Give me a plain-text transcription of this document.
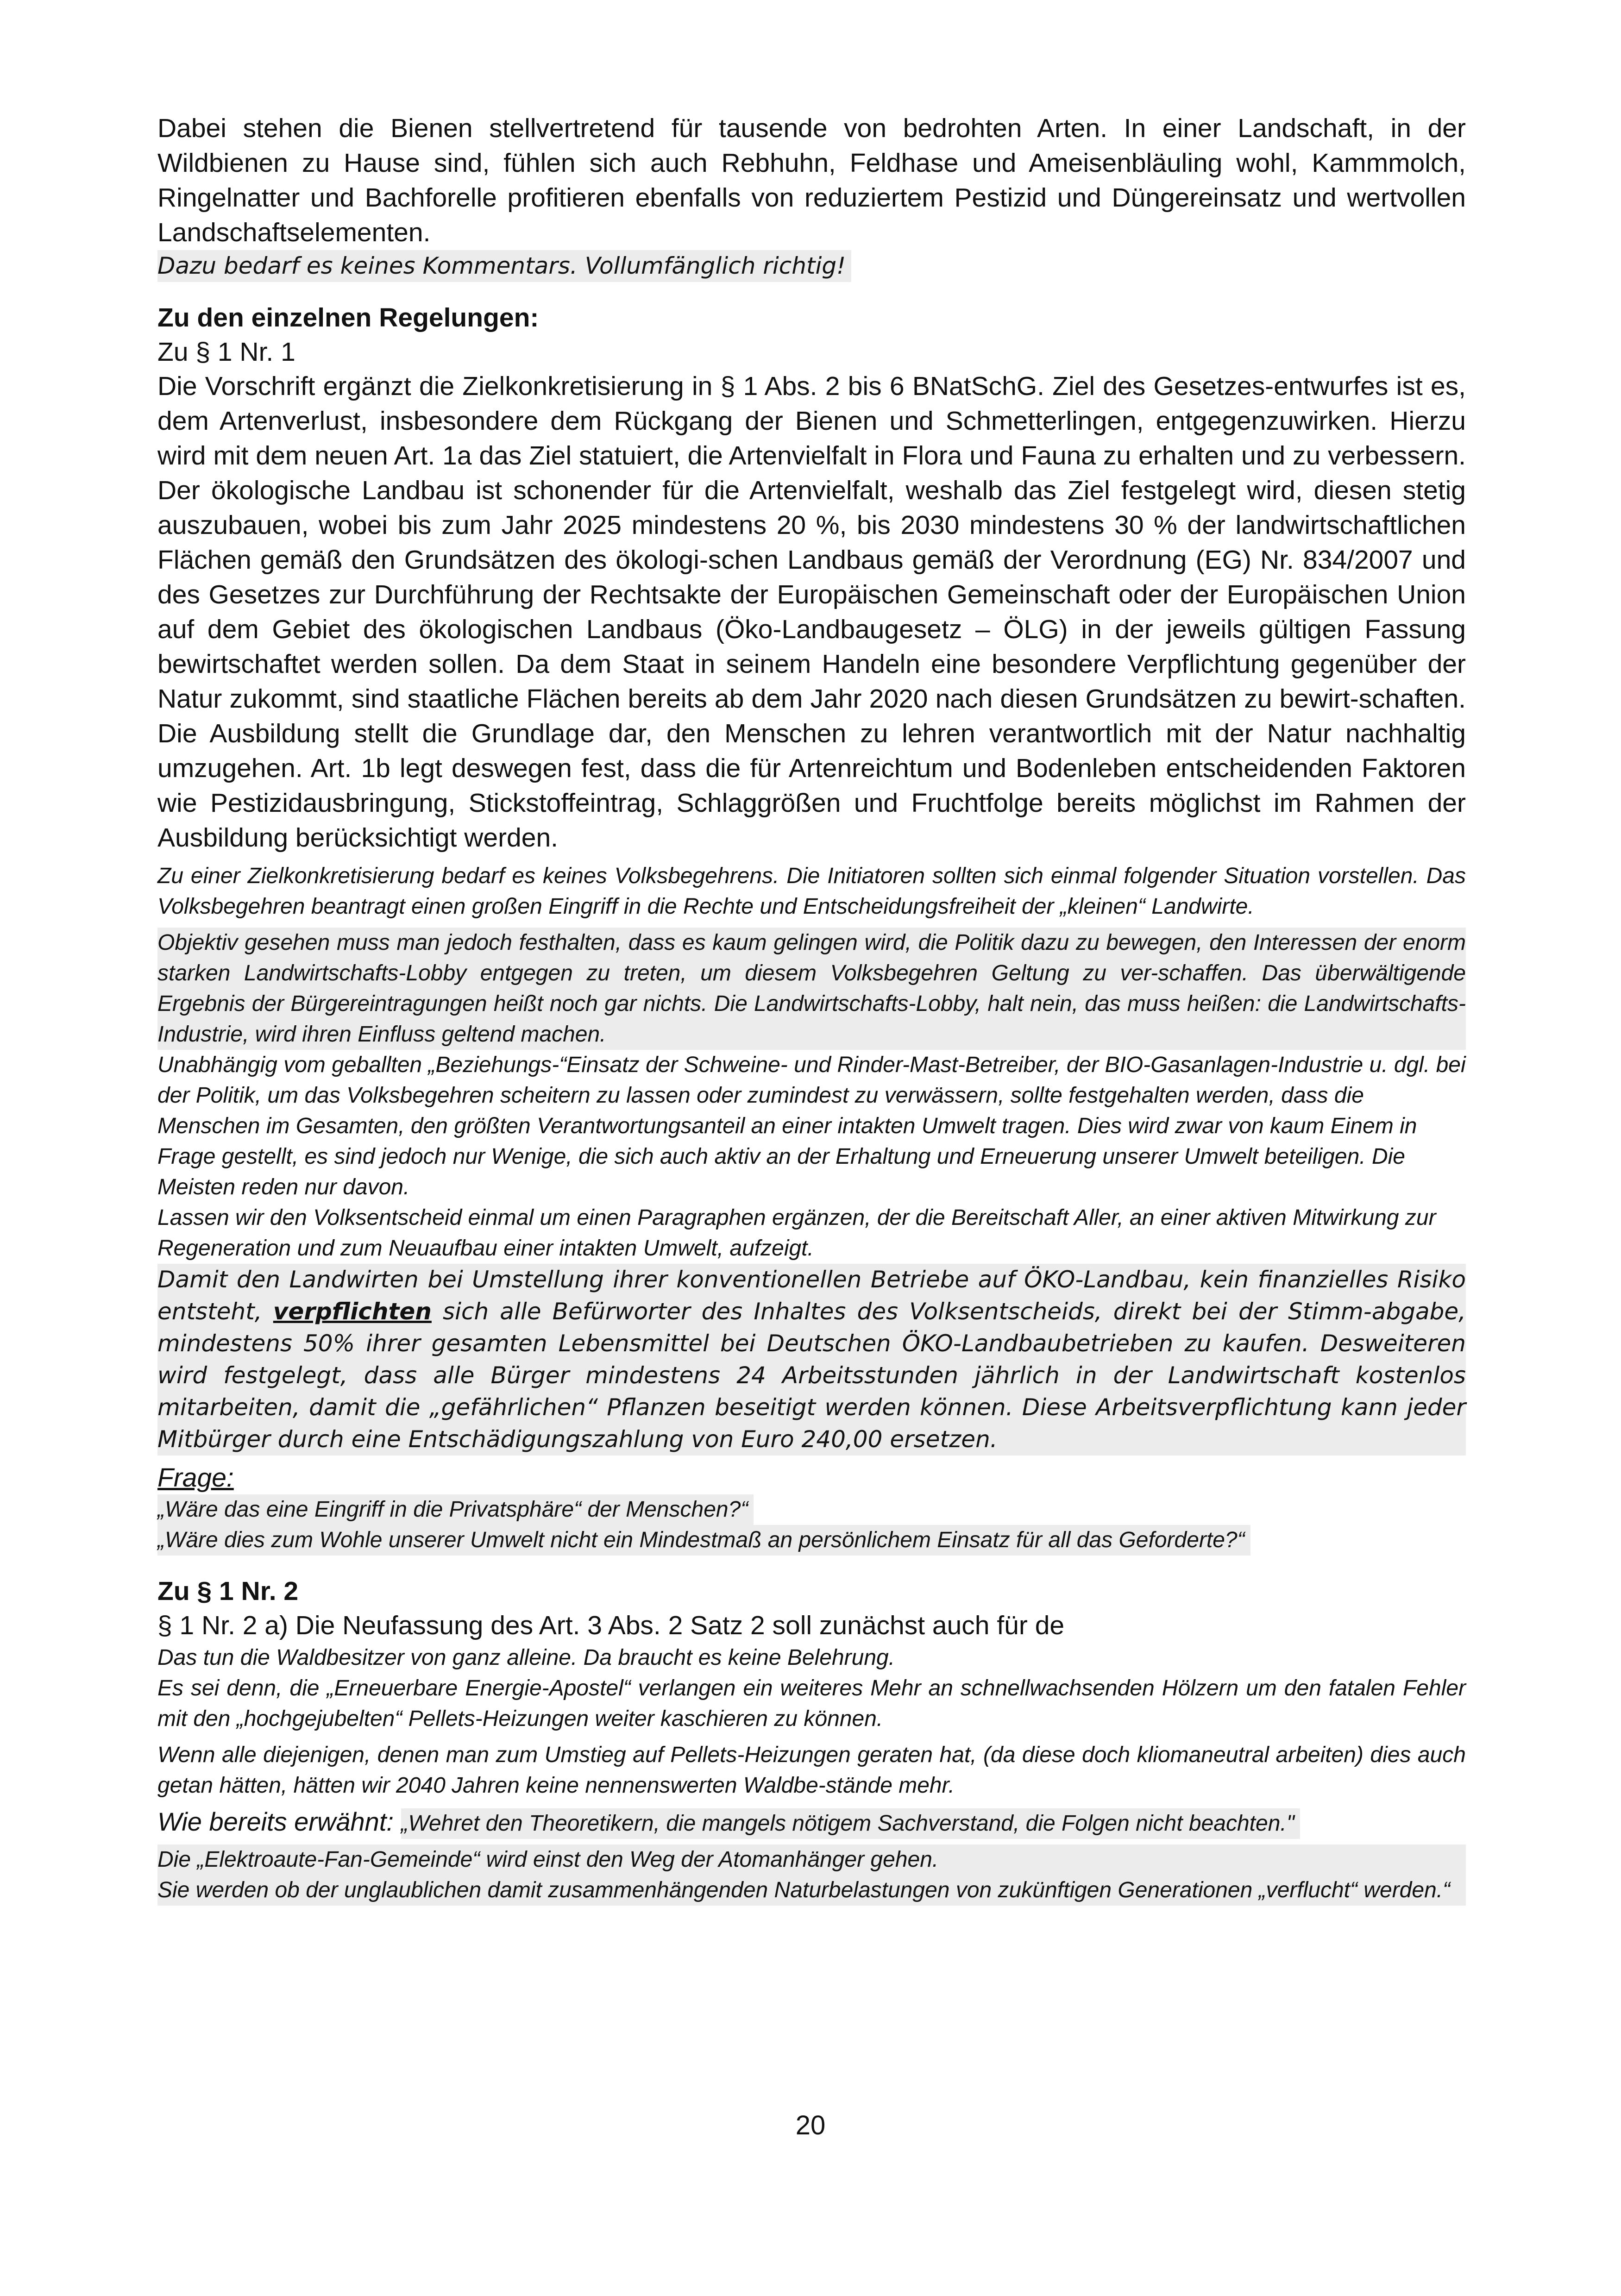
Dabei stehen die Bienen stellvertretend für tausende von bedrohten Arten. In einer Landschaft, in der Wildbienen zu Hause sind, fühlen sich auch Rebhuhn, Feldhase und Ameisenbläuling wohl, Kammmolch, Ringelnatter und Bachforelle profitieren ebenfalls von reduziertem Pestizid und Düngereinsatz und wertvollen Landschaftselementen.

Dazu bedarf es keines Kommentars. Vollumfänglich richtig!

Zu den einzelnen Regelungen:

Zu § 1 Nr. 1

Die Vorschrift ergänzt die Zielkonkretisierung in § 1 Abs. 2 bis 6 BNatSchG. Ziel des Gesetzes-entwurfes ist es, dem Artenverlust, insbesondere dem Rückgang der Bienen und Schmetterlingen, entgegenzuwirken. Hierzu wird mit dem neuen Art. 1a das Ziel statuiert, die Artenvielfalt in Flora und Fauna zu erhalten und zu verbessern. Der ökologische Landbau ist schonender für die Artenvielfalt, weshalb das Ziel festgelegt wird, diesen stetig auszubauen, wobei bis zum Jahr 2025 mindestens 20 %, bis 2030 mindestens 30 % der landwirtschaftlichen Flächen gemäß den Grundsätzen des ökologi-schen Landbaus gemäß der Verordnung (EG) Nr. 834/2007 und des Gesetzes zur Durchführung der Rechtsakte der Europäischen Gemeinschaft oder der Europäischen Union auf dem Gebiet des ökologischen Landbaus (Öko-Landbaugesetz – ÖLG) in der jeweils gültigen Fassung bewirtschaftet werden sollen. Da dem Staat in seinem Handeln eine besondere Verpflichtung gegenüber der Natur zukommt, sind staatliche Flächen bereits ab dem Jahr 2020 nach diesen Grundsätzen zu bewirt-schaften. Die Ausbildung stellt die Grundlage dar, den Menschen zu lehren verantwortlich mit der Natur nachhaltig umzugehen. Art. 1b legt deswegen fest, dass die für Artenreichtum und Bodenleben entscheidenden Faktoren wie Pestizidausbringung, Stickstoffeintrag, Schlaggrößen und Fruchtfolge bereits möglichst im Rahmen der Ausbildung berücksichtigt werden.

Zu einer Zielkonkretisierung bedarf es keines Volksbegehrens. Die Initiatoren sollten sich einmal folgender Situation vorstellen. Das Volksbegehren beantragt einen großen Eingriff in die Rechte und Entscheidungsfreiheit der „kleinen“ Landwirte.

Objektiv gesehen muss man jedoch festhalten, dass es kaum gelingen wird, die Politik dazu zu bewegen, den Interessen der enorm starken Landwirtschafts-Lobby entgegen zu treten, um diesem Volksbegehren Geltung zu ver-schaffen. Das überwältigende Ergebnis der Bürgereintragungen heißt noch gar nichts. Die Landwirtschafts-Lobby, halt nein, das muss heißen: die Landwirtschafts-Industrie, wird ihren Einfluss geltend machen.

Unabhängig vom geballten „Beziehungs-“Einsatz der Schweine- und Rinder-Mast-Betreiber, der BIO-Gasanlagen-Industrie u. dgl. bei der Politik, um das Volksbegehren scheitern zu lassen oder zumindest zu verwässern, sollte festgehalten werden, dass die Menschen im Gesamten, den größten Verantwortungsanteil an einer intakten Umwelt tragen. Dies wird zwar von kaum Einem in Frage gestellt, es sind jedoch nur Wenige, die sich auch aktiv an der Erhaltung und Erneuerung unserer Umwelt beteiligen. Die Meisten reden nur davon.

Lassen wir den Volksentscheid einmal um einen Paragraphen ergänzen, der die Bereitschaft Aller, an einer aktiven Mitwirkung zur Regeneration und zum Neuaufbau einer intakten Umwelt, aufzeigt.

Damit den Landwirten bei Umstellung ihrer konventionellen Betriebe auf ÖKO-Landbau, kein finanzielles Risiko entsteht, verpflichten sich alle Befürworter des Inhaltes des Volksentscheids, direkt bei der Stimm-abgabe, mindestens 50% ihrer gesamten Lebensmittel bei Deutschen ÖKO-Landbaubetrieben zu kaufen. Desweiteren wird festgelegt, dass alle Bürger mindestens 24 Arbeitsstunden jährlich in der Landwirtschaft kostenlos mitarbeiten, damit die „gefährlichen“ Pflanzen beseitigt werden können. Diese Arbeitsverpflichtung kann jeder Mitbürger durch eine Entschädigungszahlung von Euro 240,00 ersetzen.

Frage:

„Wäre das eine Eingriff in die Privatsphäre“ der Menschen?“

„Wäre dies zum Wohle unserer Umwelt nicht ein Mindestmaß an persönlichem Einsatz für all das Geforderte?“

Zu § 1 Nr. 2

§ 1 Nr. 2 a) Die Neufassung des Art. 3 Abs. 2 Satz 2 soll zunächst auch für de

Das tun die Waldbesitzer von ganz alleine. Da braucht es keine Belehrung.

Es sei denn, die „Erneuerbare Energie-Apostel“ verlangen ein weiteres Mehr an schnellwachsenden Hölzern um den fatalen Fehler mit den „hochgejubelten“ Pellets-Heizungen weiter kaschieren zu können.

Wenn alle diejenigen, denen man zum Umstieg auf Pellets-Heizungen geraten hat, (da diese doch kliomaneutral arbeiten) dies auch getan hätten, hätten wir 2040 Jahren keine nennenswerten Waldbe-stände mehr.

Wie bereits erwähnt: „Wehret den Theoretikern, die mangels nötigem Sachverstand, die Folgen nicht beachten."

Die „Elektroaute-Fan-Gemeinde“ wird einst den Weg der Atomanhänger gehen.

Sie werden ob der unglaublichen damit zusammenhängenden Naturbelastungen von zukünftigen Generationen „verflucht“ werden.“

20
